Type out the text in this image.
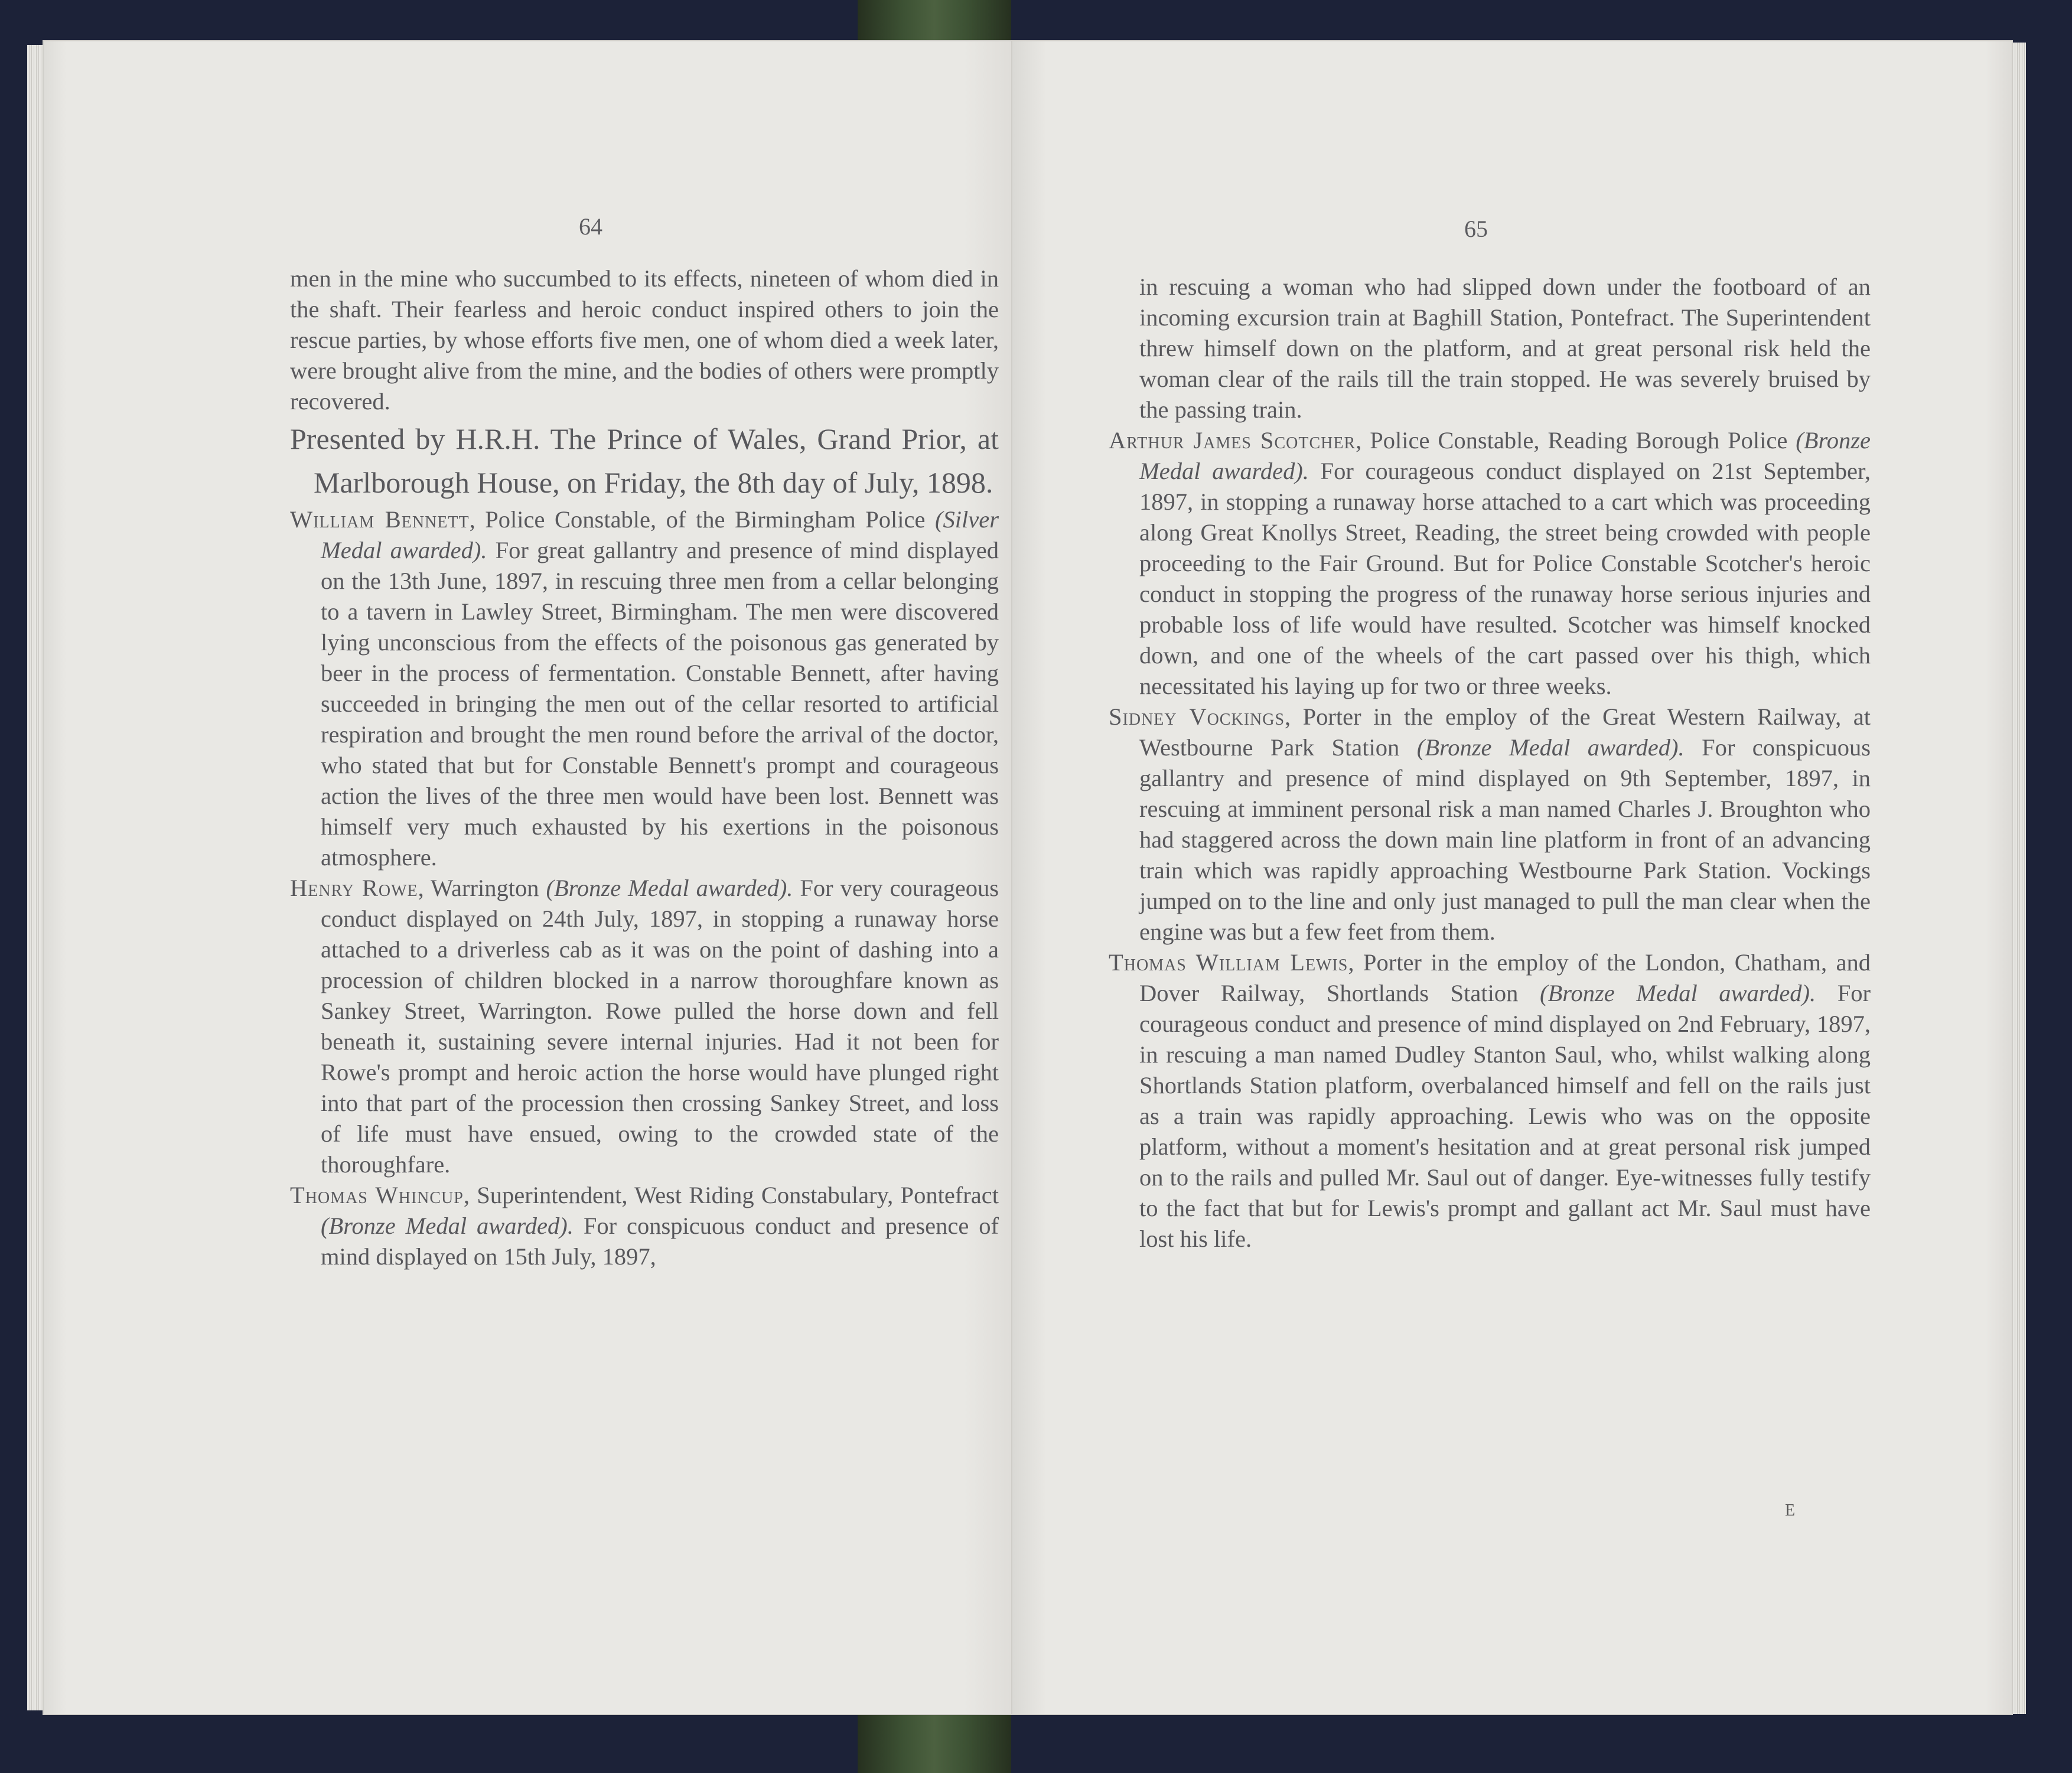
64

men in the mine who succumbed to its effects, nineteen of whom died in the shaft. Their fearless and heroic conduct inspired others to join the rescue parties, by whose efforts five men, one of whom died a week later, were brought alive from the mine, and the bodies of others were promptly recovered.

Presented by H.R.H. The Prince of Wales, Grand Prior, at Marlborough House, on Friday, the 8th day of July, 1898.

William Bennett, Police Constable, of the Birmingham Police (Silver Medal awarded). For great gallantry and presence of mind displayed on the 13th June, 1897, in rescuing three men from a cellar belonging to a tavern in Lawley Street, Birmingham. The men were discovered lying unconscious from the effects of the poisonous gas generated by beer in the process of fermentation. Constable Bennett, after having succeeded in bringing the men out of the cellar resorted to artificial respiration and brought the men round before the arrival of the doctor, who stated that but for Constable Bennett's prompt and courageous action the lives of the three men would have been lost. Bennett was himself very much exhausted by his exertions in the poisonous atmosphere.

Henry Rowe, Warrington (Bronze Medal awarded). For very courageous conduct displayed on 24th July, 1897, in stopping a runaway horse attached to a driverless cab as it was on the point of dashing into a procession of children blocked in a narrow thoroughfare known as Sankey Street, Warrington. Rowe pulled the horse down and fell beneath it, sustaining severe internal injuries. Had it not been for Rowe's prompt and heroic action the horse would have plunged right into that part of the procession then crossing Sankey Street, and loss of life must have ensued, owing to the crowded state of the thoroughfare.

Thomas Whincup, Superintendent, West Riding Constabulary, Pontefract (Bronze Medal awarded). For conspicuous conduct and presence of mind displayed on 15th July, 1897,

65

in rescuing a woman who had slipped down under the footboard of an incoming excursion train at Baghill Station, Pontefract. The Superintendent threw himself down on the platform, and at great personal risk held the woman clear of the rails till the train stopped. He was severely bruised by the passing train.

Arthur James Scotcher, Police Constable, Reading Borough Police (Bronze Medal awarded). For courageous conduct displayed on 21st September, 1897, in stopping a runaway horse attached to a cart which was proceeding along Great Knollys Street, Reading, the street being crowded with people proceeding to the Fair Ground. But for Police Constable Scotcher's heroic conduct in stopping the progress of the runaway horse serious injuries and probable loss of life would have resulted. Scotcher was himself knocked down, and one of the wheels of the cart passed over his thigh, which necessitated his laying up for two or three weeks.

Sidney Vockings, Porter in the employ of the Great Western Railway, at Westbourne Park Station (Bronze Medal awarded). For conspicuous gallantry and presence of mind displayed on 9th September, 1897, in rescuing at imminent personal risk a man named Charles J. Broughton who had staggered across the down main line platform in front of an advancing train which was rapidly approaching Westbourne Park Station. Vockings jumped on to the line and only just managed to pull the man clear when the engine was but a few feet from them.

Thomas William Lewis, Porter in the employ of the London, Chatham, and Dover Railway, Shortlands Station (Bronze Medal awarded). For courageous conduct and presence of mind displayed on 2nd February, 1897, in rescuing a man named Dudley Stanton Saul, who, whilst walking along Shortlands Station platform, overbalanced himself and fell on the rails just as a train was rapidly approaching. Lewis who was on the opposite platform, without a moment's hesitation and at great personal risk jumped on to the rails and pulled Mr. Saul out of danger. Eye-witnesses fully testify to the fact that but for Lewis's prompt and gallant act Mr. Saul must have lost his life.

E
